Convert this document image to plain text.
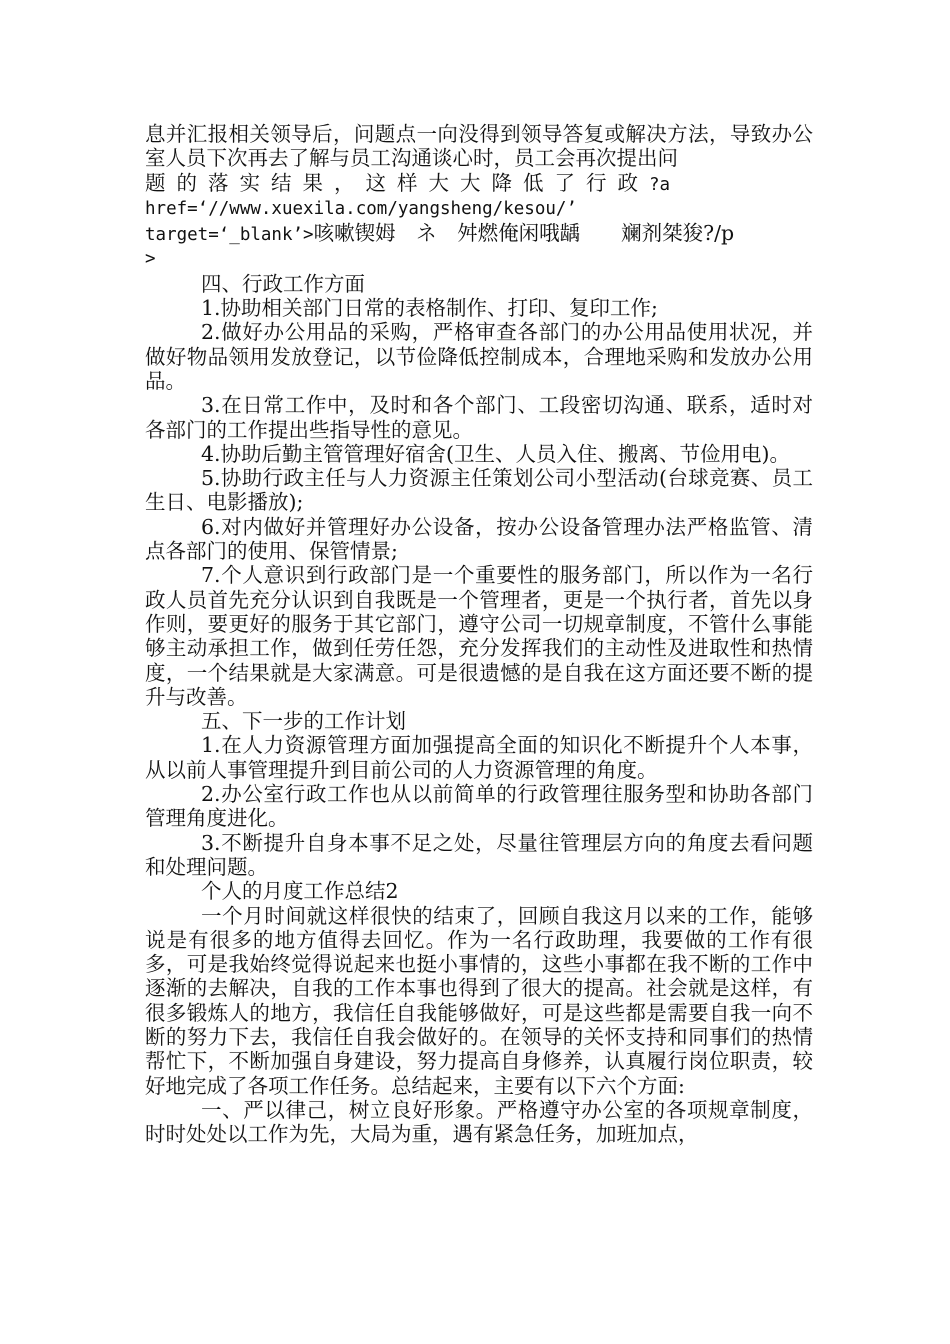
息并汇报相关领导后，问题点一向没得到领导答复或解决方法，导致办公室人员下次再去了解与员工沟通谈心时，员工会再次提出问

题的落实结果，这样大大降低了行政?a
href=‘//www.xuexila.com/yangsheng/kesou/’
target=‘_blank’>咳嗽锲姆　ネ　舛燃俺闲哦龋　　斓剂桀狻?/p
>

四、行政工作方面

1.协助相关部门日常的表格制作、打印、复印工作;

2.做好办公用品的采购，严格审查各部门的办公用品使用状况，并做好物品领用发放登记，以节俭降低控制成本，合理地采购和发放办公用品。

3.在日常工作中，及时和各个部门、工段密切沟通、联系，适时对各部门的工作提出些指导性的意见。

4.协助后勤主管管理好宿舍(卫生、人员入住、搬离、节俭用电)。

5.协助行政主任与人力资源主任策划公司小型活动(台球竞赛、员工生日、电影播放);

6.对内做好并管理好办公设备，按办公设备管理办法严格监管、清点各部门的使用、保管情景;

7.个人意识到行政部门是一个重要性的服务部门，所以作为一名行政人员首先充分认识到自我既是一个管理者，更是一个执行者，首先以身作则，要更好的服务于其它部门，遵守公司一切规章制度，不管什么事能够主动承担工作，做到任劳任怨，充分发挥我们的主动性及进取性和热情度，一个结果就是大家满意。可是很遗憾的是自我在这方面还要不断的提升与改善。

五、下一步的工作计划

1.在人力资源管理方面加强提高全面的知识化不断提升个人本事，从以前人事管理提升到目前公司的人力资源管理的角度。

2.办公室行政工作也从以前简单的行政管理往服务型和协助各部门管理角度进化。

3.不断提升自身本事不足之处，尽量往管理层方向的角度去看问题和处理问题。

个人的月度工作总结2

一个月时间就这样很快的结束了，回顾自我这月以来的工作，能够说是有很多的地方值得去回忆。作为一名行政助理，我要做的工作有很多，可是我始终觉得说起来也挺小事情的，这些小事都在我不断的工作中逐渐的去解决，自我的工作本事也得到了很大的提高。社会就是这样，有很多锻炼人的地方，我信任自我能够做好，可是这些都是需要自我一向不断的努力下去，我信任自我会做好的。在领导的关怀支持和同事们的热情帮忙下，不断加强自身建设，努力提高自身修养，认真履行岗位职责，较好地完成了各项工作任务。总结起来，主要有以下六个方面:

一、严以律己，树立良好形象。严格遵守办公室的各项规章制度，时时处处以工作为先，大局为重，遇有紧急任务，加班加点，
